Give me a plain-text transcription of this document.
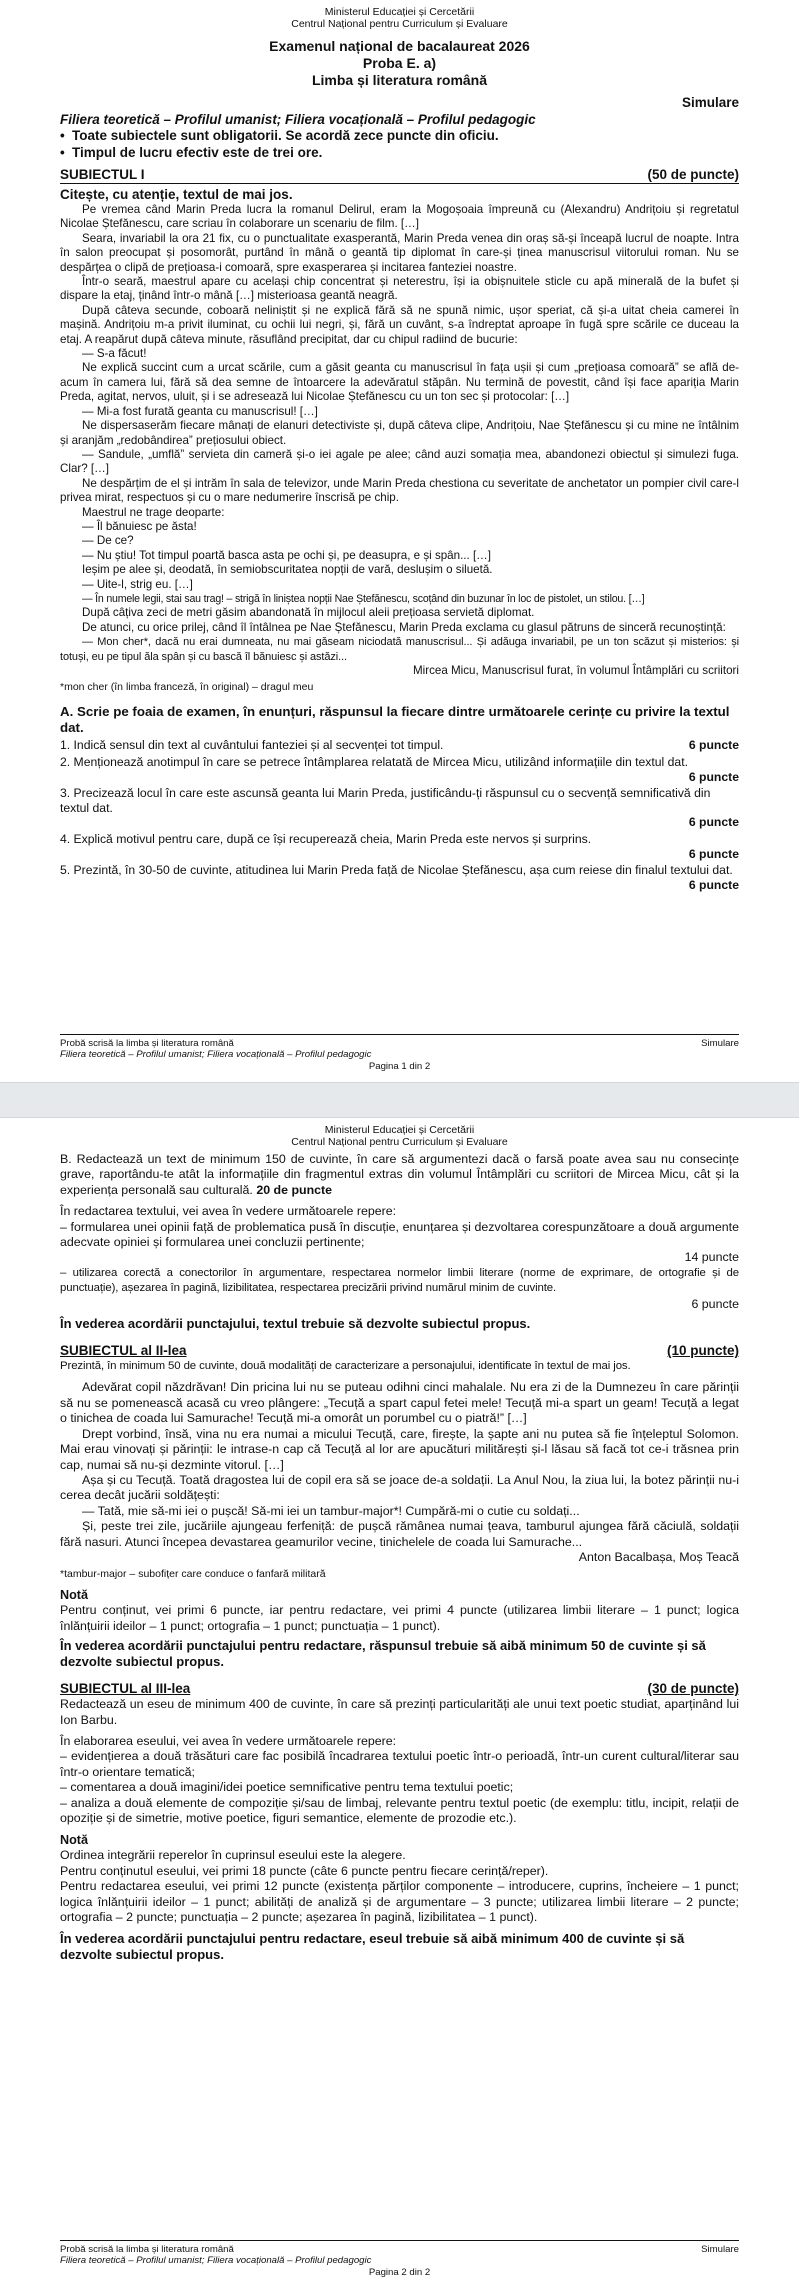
Ministerul Educației și Cercetării
Centrul Național pentru Curriculum și Evaluare
Examenul național de bacalaureat 2026
Proba E. a)
Limba și literatura română
Simulare
Filiera teoretică – Profilul umanist; Filiera vocațională – Profilul pedagogic
• Toate subiectele sunt obligatorii. Se acordă zece puncte din oficiu.
• Timpul de lucru efectiv este de trei ore.
SUBIECTUL I	(50 de puncte)
Citește, cu atenție, textul de mai jos.

Pe vremea când Marin Preda lucra la romanul Delirul, eram la Mogoșoaia împreună cu (Alexandru) Andrițoiu și regretatul Nicolae Ștefănescu, care scriau în colaborare un scenariu de film. […]

Seara, invariabil la ora 21 fix, cu o punctualitate exasperantă, Marin Preda venea din oraș să-și înceapă lucrul de noapte. Intra în salon preocupat și posomorât, purtând în mână o geantă tip diplomat în care-și ținea manuscrisul viitorului roman. Nu se despărțea o clipă de prețioasa-i comoară, spre exasperarea și incitarea fanteziei noastre.

Într-o seară, maestrul apare cu același chip concentrat și neterestru, își ia obișnuitele sticle cu apă minerală de la bufet și dispare la etaj, ținând într-o mână […] misterioasa geantă neagră.

După câteva secunde, coboară neliniștit și ne explică fără să ne spună nimic, ușor speriat, că și-a uitat cheia camerei în mașină. Andrițoiu m-a privit iluminat, cu ochii lui negri, și, fără un cuvânt, s-a îndreptat aproape în fugă spre scările ce duceau la etaj. A reapărut după câteva minute, răsuflând precipitat, dar cu chipul radiind de bucurie:

— S-a făcut!

Ne explică succint cum a urcat scările, cum a găsit geanta cu manuscrisul în fața ușii și cum „prețioasa comoară” se află de-acum în camera lui, fără să dea semne de întoarcere la adevăratul stăpân. Nu termină de povestit, când își face apariția Marin Preda, agitat, nervos, uluit, și i se adresează lui Nicolae Ștefănescu cu un ton sec și protocolar: […]

— Mi-a fost furată geanta cu manuscrisul! […]

Ne dispersaserăm fiecare mânați de elanuri detectiviste și, după câteva clipe, Andrițoiu, Nae Ștefănescu și cu mine ne întâlnim și aranjăm „redobândirea” prețiosului obiect.

— Sandule, „umflă” servieta din cameră și-o iei agale pe alee; când auzi somația mea, abandonezi obiectul și simulezi fuga. Clar? […]

Ne despărțim de el și intrăm în sala de televizor, unde Marin Preda chestiona cu severitate de anchetator un pompier civil care-l privea mirat, respectuos și cu o mare nedumerire înscrisă pe chip.

Maestrul ne trage deoparte:

— Îl bănuiesc pe ăsta!

— De ce?

— Nu știu! Tot timpul poartă basca asta pe ochi și, pe deasupra, e și spân... […]

Ieșim pe alee și, deodată, în semiobscuritatea nopții de vară, deslușim o siluetă.

— Uite-l, strig eu. […]

— În numele legii, stai sau trag! – strigă în liniștea nopții Nae Ștefănescu, scoțând din buzunar în loc de pistolet, un stilou. […]

După câțiva zeci de metri găsim abandonată în mijlocul aleii prețioasa servietă diplomat.

De atunci, cu orice prilej, când îl întâlnea pe Nae Ștefănescu, Marin Preda exclama cu glasul pătruns de sinceră recunoștință:

— Mon cher*, dacă nu erai dumneata, nu mai găseam niciodată manuscrisul... Și adăuga invariabil, pe un ton scăzut și misterios: și totuși, eu pe tipul ăla spân și cu bască îl bănuiesc și astăzi...

Mircea Micu, Manuscrisul furat, în volumul Întâmplări cu scriitori
*mon cher (în limba franceză, în original) – dragul meu
A. Scrie pe foaia de examen, în enunțuri, răspunsul la fiecare dintre următoarele cerințe cu privire la textul dat.
6 puncte
1. Indică sensul din text al cuvântului fanteziei și al secvenței tot timpul.
2. Menționează anotimpul în care se petrece întâmplarea relatată de Mircea Micu, utilizând informațiile din textul dat.
6 puncte
3. Precizează locul în care este ascunsă geanta lui Marin Preda, justificându-ți răspunsul cu o secvență semnificativă din textul dat.
6 puncte
4. Explică motivul pentru care, după ce își recuperează cheia, Marin Preda este nervos și surprins.
6 puncte
5. Prezintă, în 30-50 de cuvinte, atitudinea lui Marin Preda față de Nicolae Ștefănescu, așa cum reiese din finalul textului dat.
6 puncte
Probă scrisă la limba și literatura română	Simulare
Filiera teoretică – Profilul umanist; Filiera vocațională – Profilul pedagogic
Pagina 1 din 2
Ministerul Educației și Cercetării
Centrul Național pentru Curriculum și Evaluare

B. Redactează un text de minimum 150 de cuvinte, în care să argumentezi dacă o farsă poate avea sau nu consecințe grave, raportându-te atât la informațiile din fragmentul extras din volumul Întâmplări cu scriitori de Mircea Micu, cât și la experiența personală sau culturală. 20 de puncte

În redactarea textului, vei avea în vedere următoarele repere:

– formularea unei opinii față de problematica pusă în discuție, enunțarea și dezvoltarea corespunzătoare a două argumente adecvate opiniei și formularea unei concluzii pertinente;

14 puncte

– utilizarea corectă a conectorilor în argumentare, respectarea normelor limbii literare (norme de exprimare, de ortografie și de punctuație), așezarea în pagină, lizibilitatea, respectarea precizării privind numărul minim de cuvinte.

6 puncte
În vederea acordării punctajului, textul trebuie să dezvolte subiectul propus.
SUBIECTUL al II-lea	(10 puncte)

Prezintă, în minimum 50 de cuvinte, două modalități de caracterizare a personajului, identificate în textul de mai jos.

Adevărat copil năzdrăvan! Din pricina lui nu se puteau odihni cinci mahalale. Nu era zi de la Dumnezeu în care părinții să nu se pomenească acasă cu vreo plângere: „Tecuță a spart capul fetei mele! Tecuță mi-a spart un geam! Tecuță a legat o tinichea de coada lui Samurache! Tecuță mi-a omorât un porumbel cu o piatră!” […]

Drept vorbind, însă, vina nu era numai a micului Tecuță, care, firește, la șapte ani nu putea să fie înțeleptul Solomon. Mai erau vinovați și părinții: le intrase-n cap că Tecuță al lor are apucături militărești și-l lăsau să facă tot ce-i trăsnea prin cap, numai să nu-și dezminte vitorul. […]

Așa și cu Tecuță. Toată dragostea lui de copil era să se joace de-a soldații. La Anul Nou, la ziua lui, la botez părinții nu-i cerea decât jucării soldățești:

— Tată, mie să-mi iei o pușcă! Să-mi iei un tambur-major*! Cumpără-mi o cutie cu soldați...

Și, peste trei zile, jucăriile ajungeau ferfeniță: de pușcă rămânea numai țeava, tamburul ajungea fără căciulă, soldații fără nasuri. Atunci începea devastarea geamurilor vecine, tinichelele de coada lui Samurache...

Anton Bacalbașa, Moș Teacă
*tambur-major – subofițer care conduce o fanfară militară
Notă

Pentru conținut, vei primi 6 puncte, iar pentru redactare, vei primi 4 puncte (utilizarea limbii literare – 1 punct; logica înlănțuirii ideilor – 1 punct; ortografia – 1 punct; punctuația – 1 punct).

În vederea acordării punctajului pentru redactare, răspunsul trebuie să aibă minimum 50 de cuvinte și să dezvolte subiectul propus.
SUBIECTUL al III-lea	(30 de puncte)

Redactează un eseu de minimum 400 de cuvinte, în care să prezinți particularități ale unui text poetic studiat, aparținând lui Ion Barbu.

În elaborarea eseului, vei avea în vedere următoarele repere:

– evidențierea a două trăsături care fac posibilă încadrarea textului poetic într-o perioadă, într-un curent cultural/literar sau într-o orientare tematică;

– comentarea a două imagini/idei poetice semnificative pentru tema textului poetic;

– analiza a două elemente de compoziție și/sau de limbaj, relevante pentru textul poetic (de exemplu: titlu, incipit, relații de opoziție și de simetrie, motive poetice, figuri semantice, elemente de prozodie etc.).

Notă

Ordinea integrării reperelor în cuprinsul eseului este la alegere.

Pentru conținutul eseului, vei primi 18 puncte (câte 6 puncte pentru fiecare cerință/reper).

Pentru redactarea eseului, vei primi 12 puncte (existența părților componente – introducere, cuprins, încheiere – 1 punct; logica înlănțuirii ideilor – 1 punct; abilități de analiză și de argumentare – 3 puncte; utilizarea limbii literare – 2 puncte; ortografia – 2 puncte; punctuația – 2 puncte; așezarea în pagină, lizibilitatea – 1 punct).

În vederea acordării punctajului pentru redactare, eseul trebuie să aibă minimum 400 de cuvinte și să dezvolte subiectul propus.
Probă scrisă la limba și literatura română	Simulare
Filiera teoretică – Profilul umanist; Filiera vocațională – Profilul pedagogic
Pagina 2 din 2
